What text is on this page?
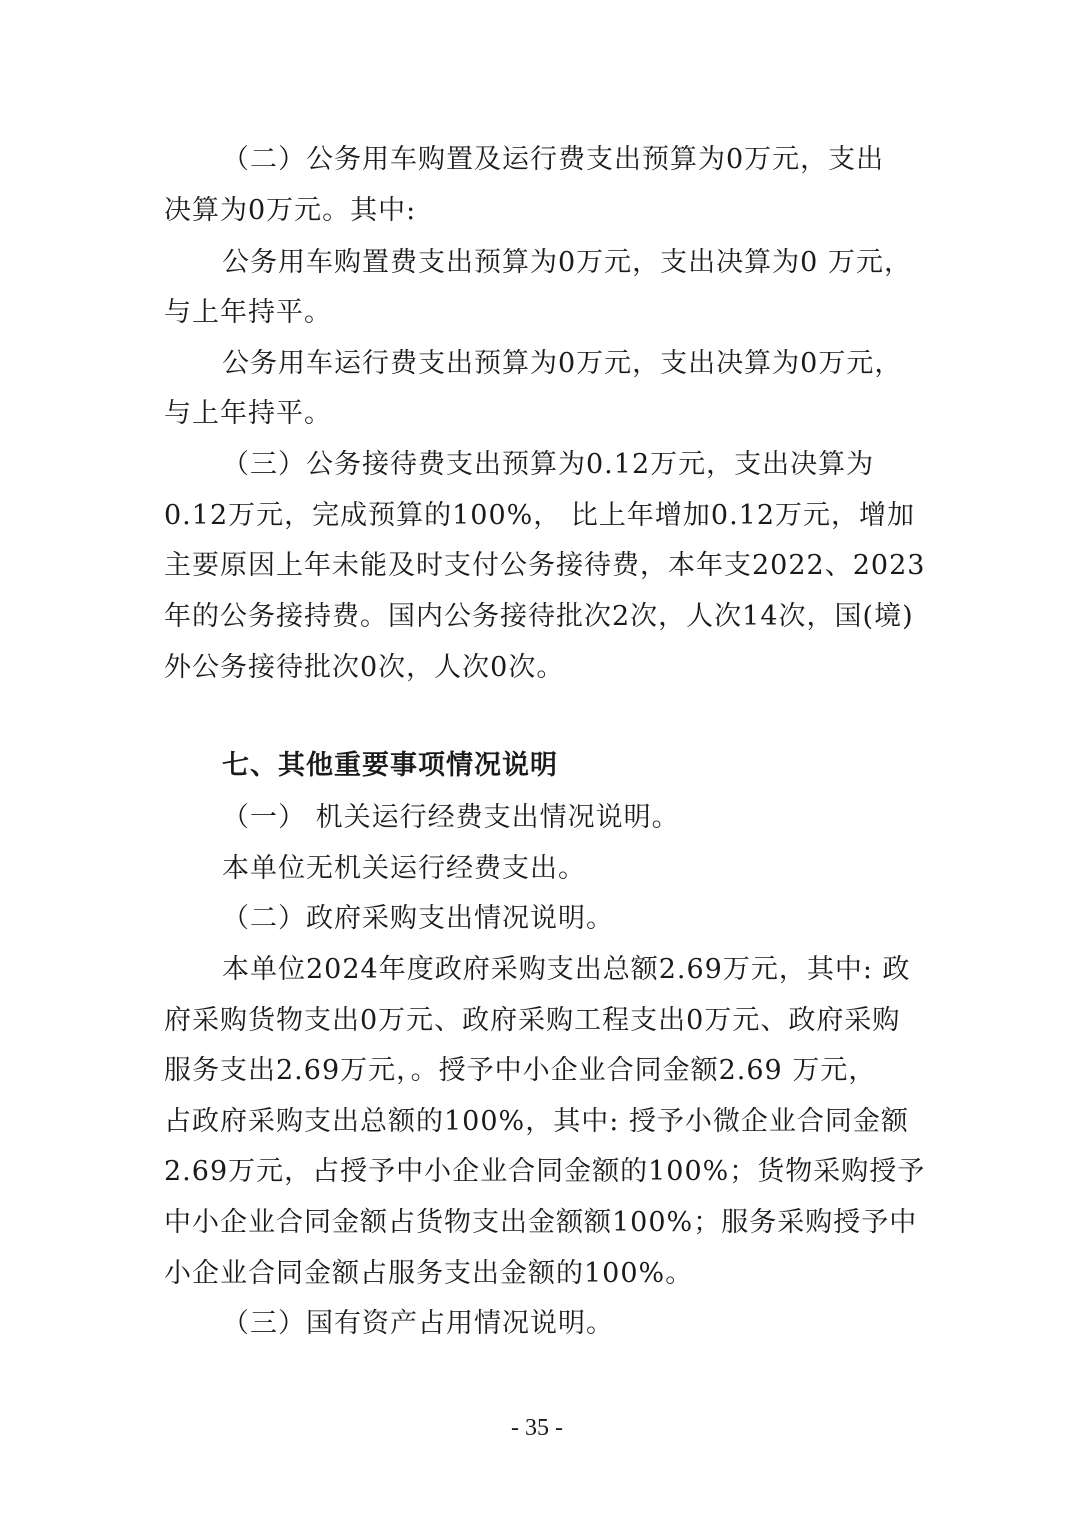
（二）公务用车购置及运行费支出预算为0万元，支出
决算为0万元。其中:
公务用车购置费支出预算为0万元，支出决算为0 万元，
与上年持平。
公务用车运行费支出预算为0万元，支出决算为0万元，
与上年持平。
（三）公务接待费支出预算为0.12万元，支出决算为
0.12万元，完成预算的100%， 比上年增加0.12万元，增加
主要原因上年未能及时支付公务接待费，本年支2022、2023
年的公务接持费。国内公务接待批次2次，人次14次，国(境)
外公务接待批次0次，人次0次。
七、其他重要事项情况说明
（一） 机关运行经费支出情况说明。
本单位无机关运行经费支出。
（二）政府采购支出情况说明。
本单位2024年度政府采购支出总额2.69万元，其中: 政
府采购货物支出0万元、政府采购工程支出0万元、政府采购
服务支出2.69万元，。授予中小企业合同金额2.69 万元，
占政府采购支出总额的100%，其中: 授予小微企业合同金额
2.69万元，占授予中小企业合同金额的100%；货物采购授予
中小企业合同金额占货物支出金额额100%；服务采购授予中
小企业合同金额占服务支出金额的100%。
（三）国有资产占用情况说明。
- 35 -
